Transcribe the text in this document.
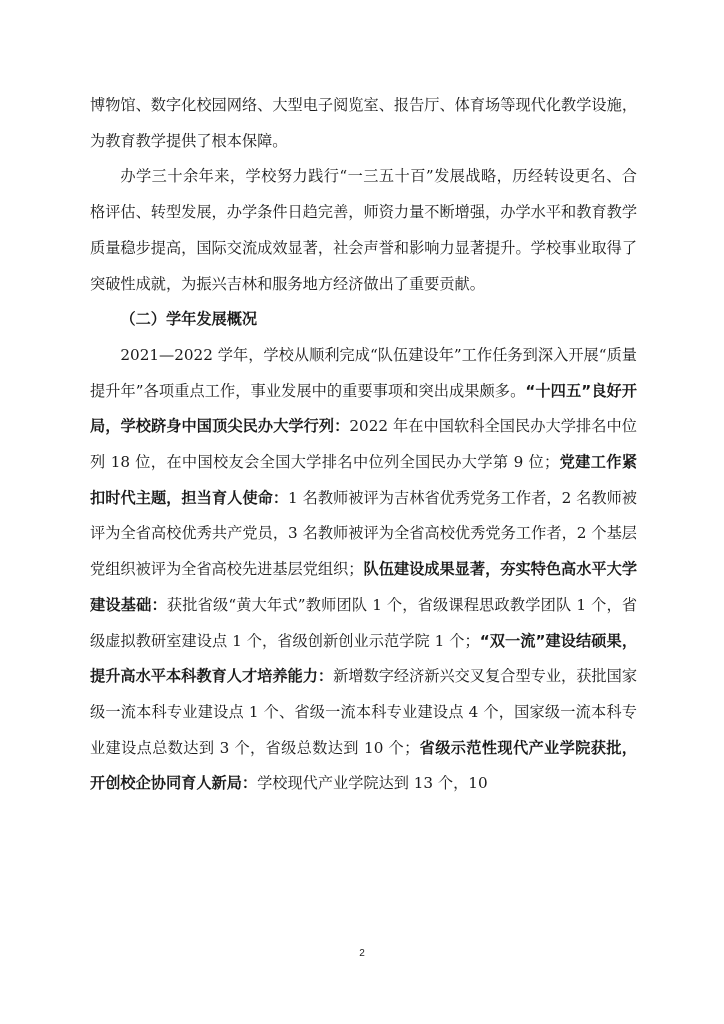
博物馆、数字化校园网络、大型电子阅览室、报告厅、体育场等现代化教学设施，为教育教学提供了根本保障。

办学三十余年来，学校努力践行“一三五十百”发展战略，历经转设更名、合格评估、转型发展，办学条件日趋完善，师资力量不断增强，办学水平和教育教学质量稳步提高，国际交流成效显著，社会声誉和影响力显著提升。学校事业取得了突破性成就，为振兴吉林和服务地方经济做出了重要贡献。

（二）学年发展概况

2021—2022 学年，学校从顺利完成“队伍建设年”工作任务到深入开展“质量提升年”各项重点工作，事业发展中的重要事项和突出成果颇多。“十四五”良好开局，学校跻身中国顶尖民办大学行列：2022 年在中国软科全国民办大学排名中位列 18 位，在中国校友会全国大学排名中位列全国民办大学第 9 位；党建工作紧扣时代主题，担当育人使命：1 名教师被评为吉林省优秀党务工作者，2 名教师被评为全省高校优秀共产党员，3 名教师被评为全省高校优秀党务工作者，2 个基层党组织被评为全省高校先进基层党组织；队伍建设成果显著，夯实特色高水平大学建设基础：获批省级“黄大年式”教师团队 1 个，省级课程思政教学团队 1 个，省级虚拟教研室建设点 1 个，省级创新创业示范学院 1 个；“双一流”建设结硕果，提升高水平本科教育人才培养能力：新增数字经济新兴交叉复合型专业，获批国家级一流本科专业建设点 1 个、省级一流本科专业建设点 4 个，国家级一流本科专业建设点总数达到 3 个，省级总数达到 10 个；省级示范性现代产业学院获批，开创校企协同育人新局：学校现代产业学院达到 13 个，10

2
